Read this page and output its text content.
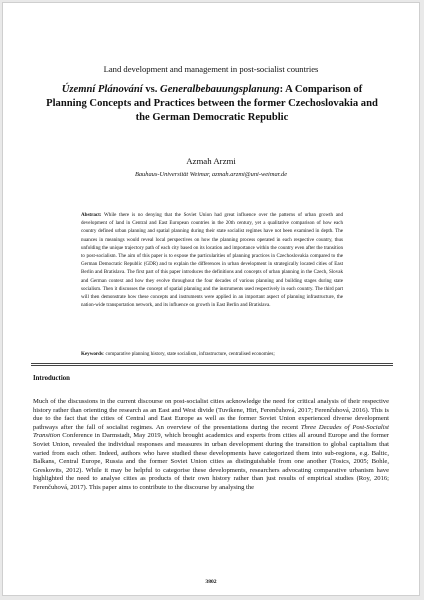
Land development and management in post-socialist countries
Územní Plánování vs. Generalbebauungsplanung: A Comparison of Planning Concepts and Practices between the former Czechoslovakia and the German Democratic Republic
Azmah Arzmi
Bauhaus-Universität Weimar, azmah.arzmi@uni-weimar.de
Abstract: While there is no denying that the Soviet Union had great influence over the patterns of urban growth and development of land in Central and East European countries in the 20th century, yet a qualitative comparison of how each country defined urban planning and spatial planning during their state socialist regimes have not been examined in depth. The nuances in meanings would reveal local perspectives on how the planning process operated in each respective country, thus unfolding the unique trajectory path of each city based on its location and importance within the country even after the transition to post-socialism. The aim of this paper is to expose the particularities of planning practices in Czechoslovakia compared to the German Democratic Republic (GDR) and to explain the differences in urban development in strategically located cities of East Berlin and Bratislava. The first part of this paper introduces the definitions and concepts of urban planning in the Czech, Slovak and German context and how they evolve throughout the four decades of various planning and building stages during state socialism. Then it discusses the concept of spatial planning and the instruments used respectively in each country. The third part will then demonstrate how these concepts and instruments were applied in an important aspect of planning infrastructure, the nation-wide transportation network, and its influence on growth in East Berlin and Bratislava.
Keywords: comparative planning history, state socialism, infrastructure, centralised economies;
Introduction
Much of the discussions in the current discourse on post-socialist cities acknowledge the need for critical analysis of their respective history rather than orienting the research as an East and West divide (Tuvikene, Hirt, Ferenčuhová, 2017; Ferenčuhová, 2016). This is due to the fact that the cities of Central and East Europe as well as the former Soviet Union experienced diverse development pathways after the fall of socialist regimes. An overview of the presentations during the recent Three Decades of Post-Socialist Transition Conference in Darmstadt, May 2019, which brought academics and experts from cities all around Europe and the former Soviet Union, revealed the individual responses and measures in urban development during the transition to global capitalism that varied from each other. Indeed, authors who have studied these developments have categorized them into sub-regions, e.g. Baltic, Balkans, Central Europe, Russia and the former Soviet Union cities as distinguishable from one another (Tosics, 2005; Bohle, Greskovits, 2012). While it may be helpful to categorise these developments, researchers advocating comparative urbanism have highlighted the need to analyse cities as products of their own history rather than just results of empirical studies (Roy, 2016; Ferenčuhová, 2017). This paper aims to contribute to the discourse by analysing the
3802
